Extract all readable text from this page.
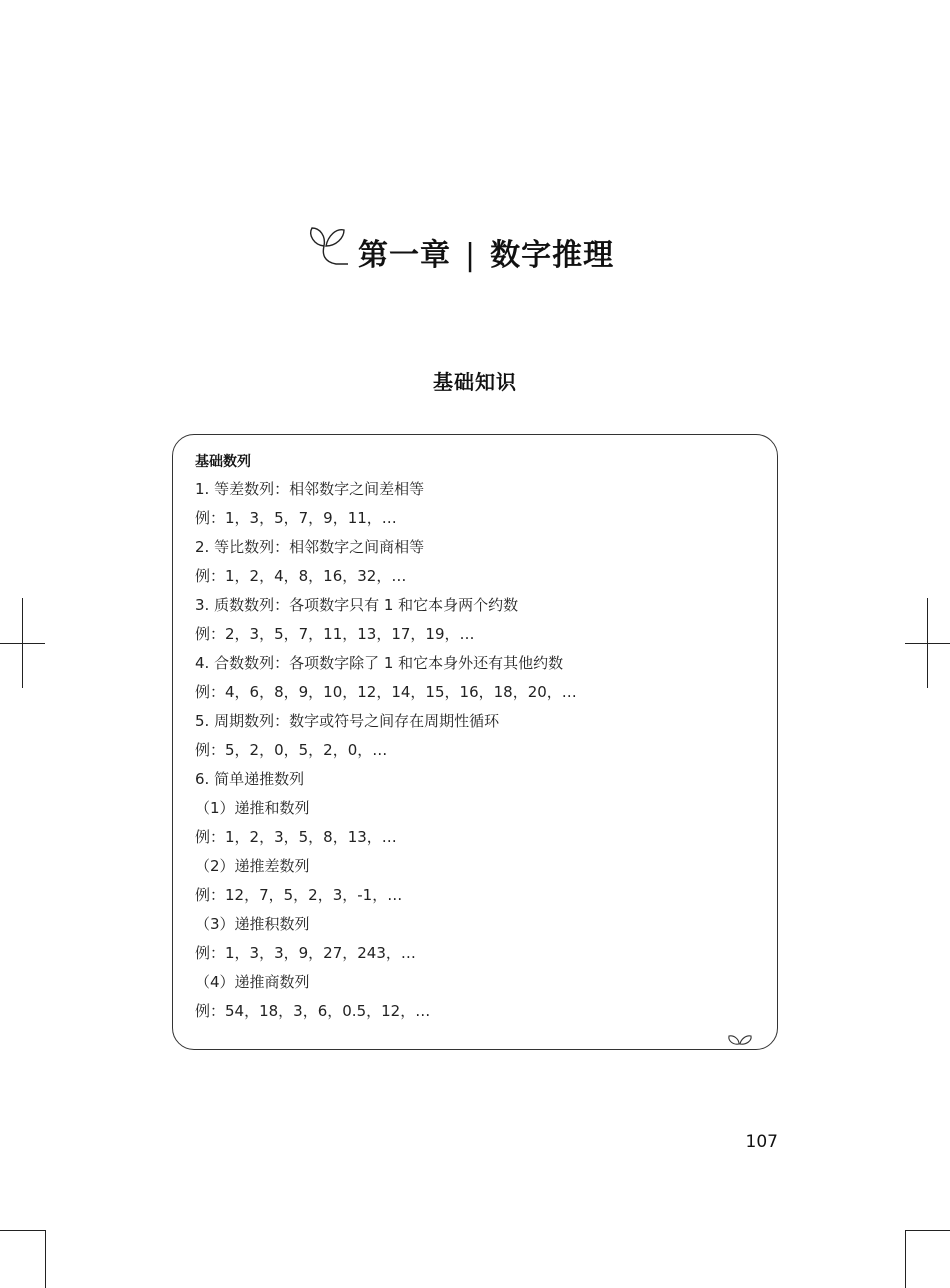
第一章 | 数字推理
基础知识
基础数列
1. 等差数列：相邻数字之间差相等
例：1，3，5，7，9，11，…
2. 等比数列：相邻数字之间商相等
例：1，2，4，8，16，32，…
3. 质数数列：各项数字只有 1 和它本身两个约数
例：2，3，5，7，11，13，17，19，…
4. 合数数列：各项数字除了 1 和它本身外还有其他约数
例：4，6，8，9，10，12，14，15，16，18，20，…
5. 周期数列：数字或符号之间存在周期性循环
例：5，2，0，5，2，0，…
6. 简单递推数列
（1）递推和数列
例：1，2，3，5，8，13，…
（2）递推差数列
例：12，7，5，2，3，-1，…
（3）递推积数列
例：1，3，3，9，27，243，…
（4）递推商数列
例：54，18，3，6，0.5，12，…
107
